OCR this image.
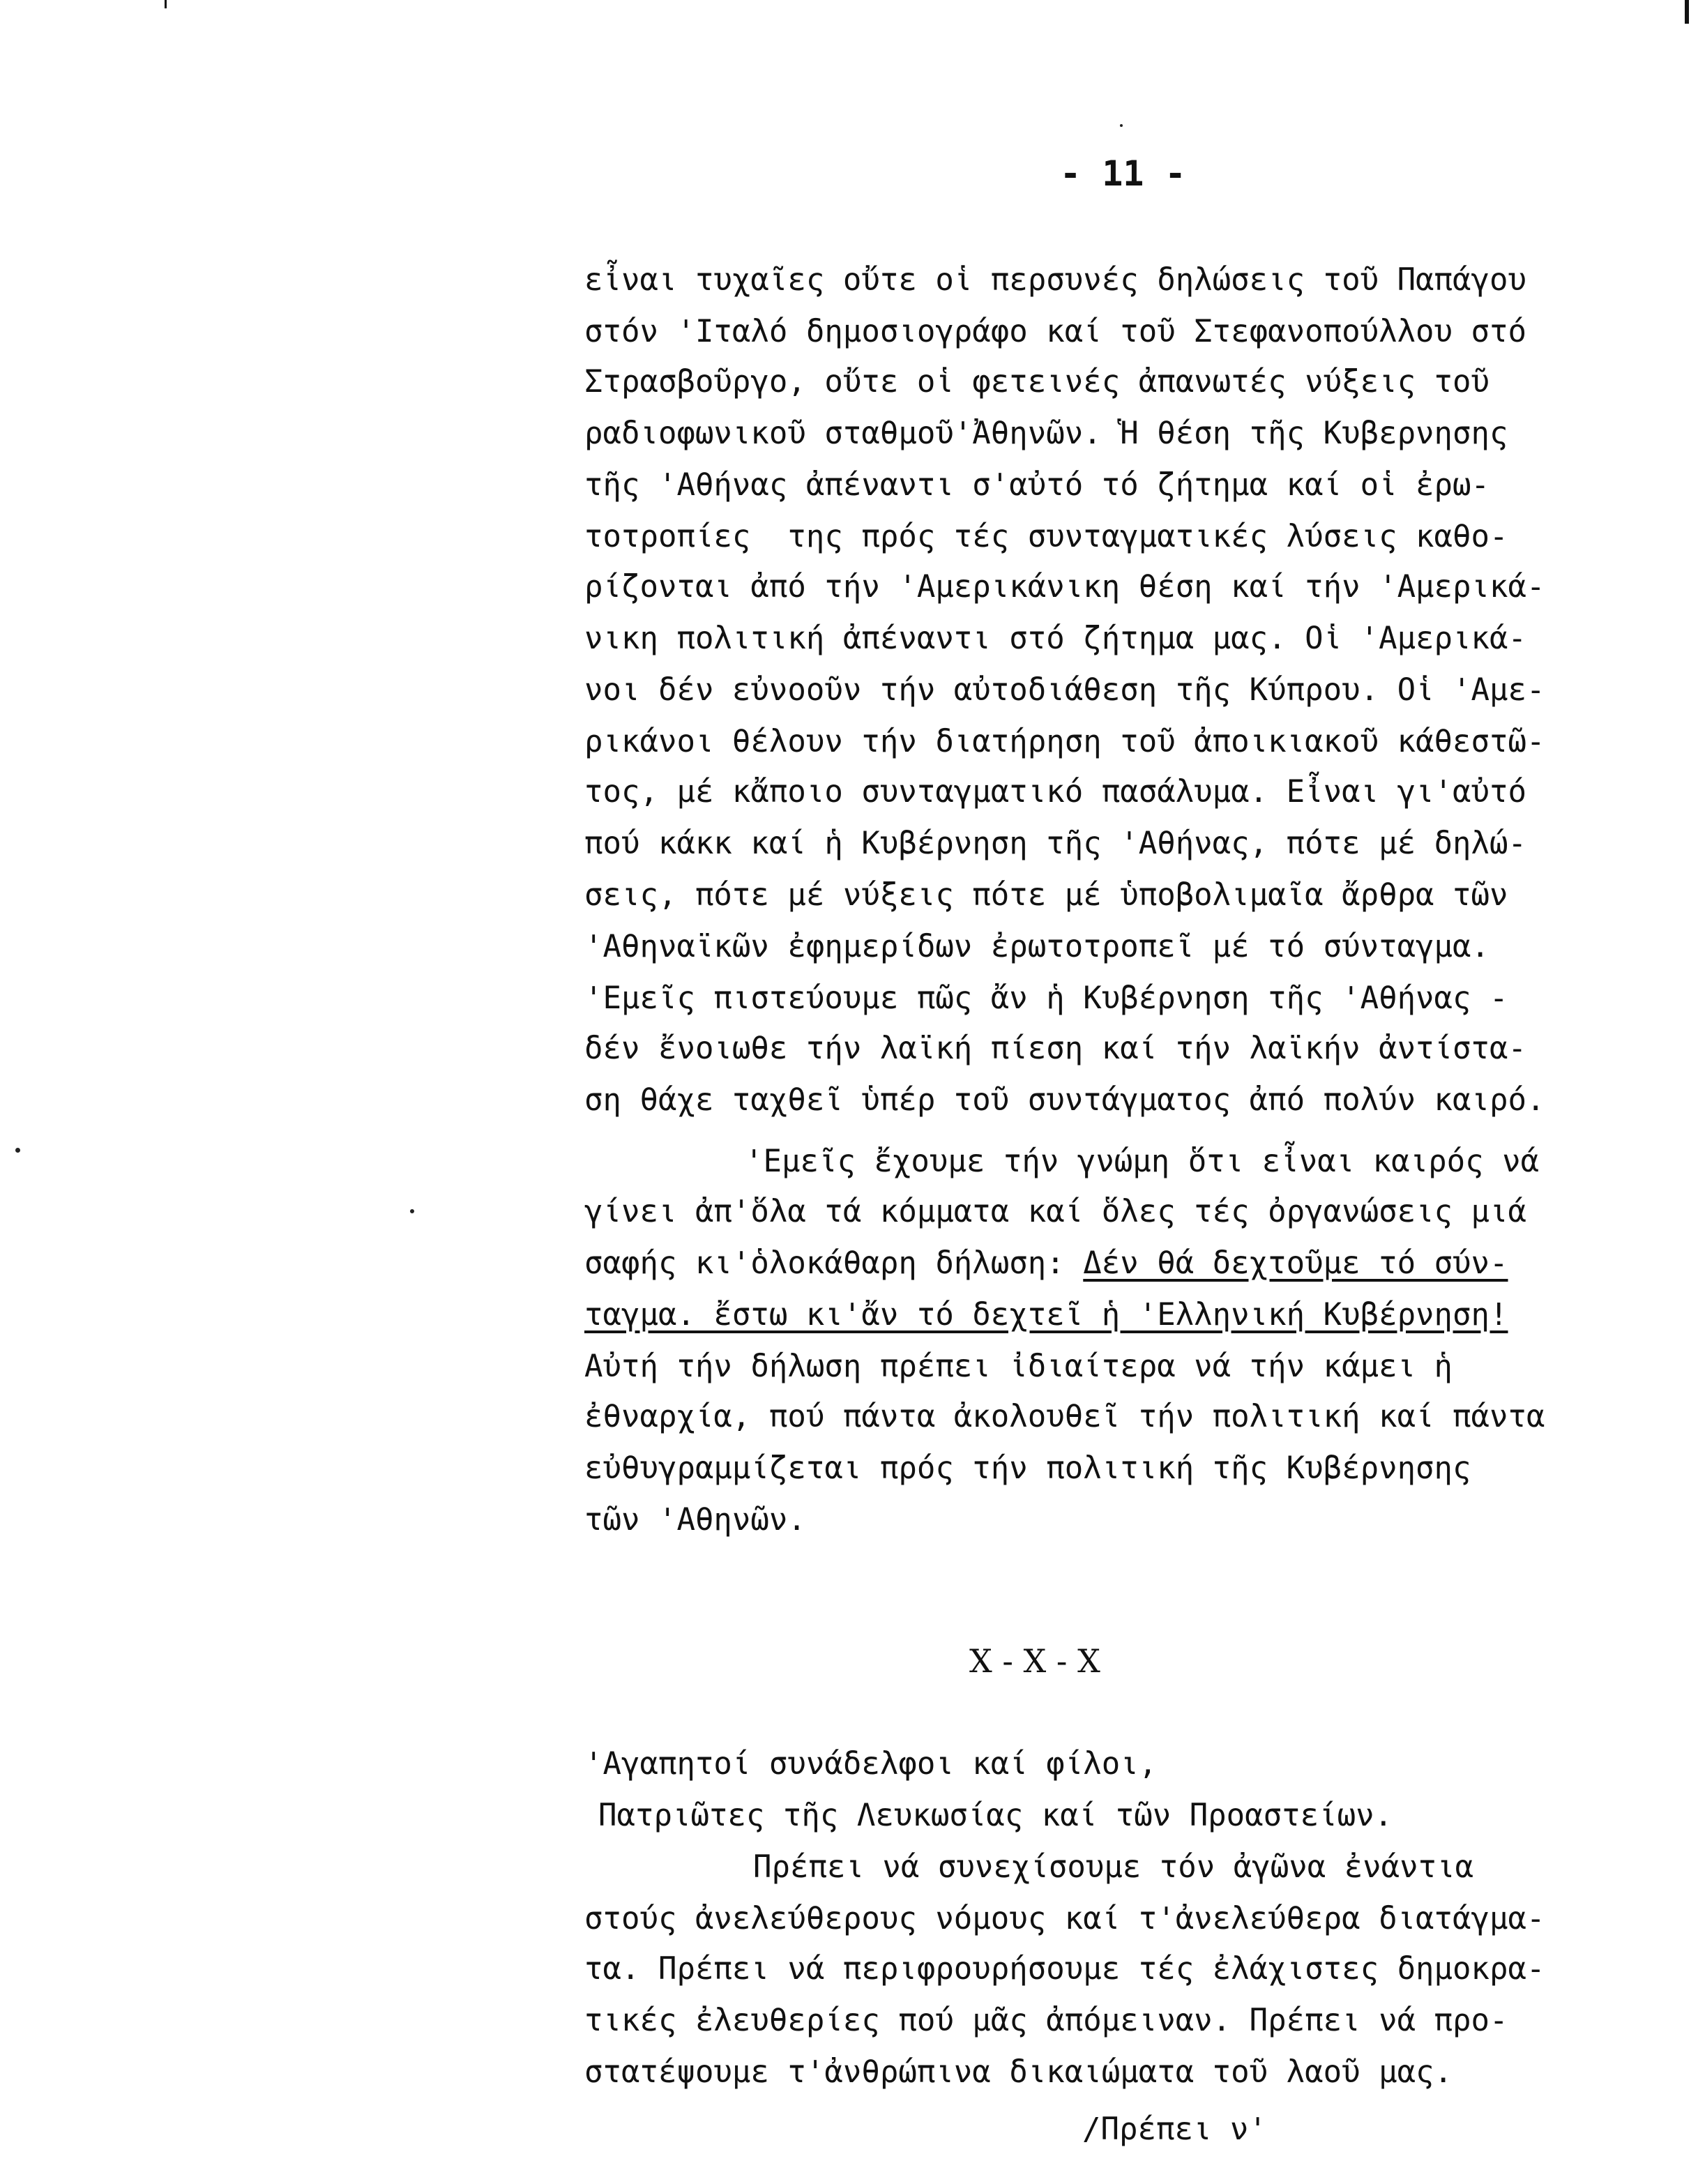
- 11 -
εἶναι τυχαῖες οὔτε οἱ περσυνές δηλώσεις τοῦ Παπάγου
στόν 'Ιταλό δημοσιογράφο καί τοῦ Στεφανοπούλλου στό
Στρασβοῦργο, οὔτε οἱ φετεινές ἀπανωτές νύξεις τοῦ
ραδιοφωνικοῦ σταθμοῦ'Ἀθηνῶν. Ἡ θέση τῆς Κυβερνησης
τῆς 'Αθήνας ἀπέναντι σ'αὐτό τό ζήτημα καί οἱ ἐρω-
τοτροπίες  της πρός τές συνταγματικές λύσεις καθο-
ρίζονται ἀπό τήν 'Αμερικάνικη θέση καί τήν 'Αμερικά-
νικη πολιτική ἀπέναντι στό ζήτημα μας. Οἱ 'Αμερικά-
νοι δέν εὐνοοῦν τήν αὐτοδιάθεση τῆς Κύπρου. Οἱ 'Αμε-
ρικάνοι θέλουν τήν διατήρηση τοῦ ἀποικιακοῦ κάθεστῶ-
τος, μέ κἄποιο συνταγματικό πασάλυμα. Εἶναι γι'αὐτό
πού κάκκ καί ἡ Κυβέρνηση τῆς 'Αθήνας, πότε μέ δηλώ-
σεις, πότε μέ νύξεις πότε μέ ὑποβολιμαῖα ἄρθρα τῶν
'Αθηναϊκῶν ἐφημερίδων ἐρωτοτροπεῖ μέ τό σύνταγμα.
'Εμεῖς πιστεύουμε πῶς ἄν ἡ Κυβέρνηση τῆς 'Αθήνας -
δέν ἔνοιωθε τήν λαϊκή πίεση καί τήν λαϊκήν ἀντίστα-
ση θάχε ταχθεῖ ὑπέρ τοῦ συντάγματος ἀπό πολύν καιρό.
'Εμεῖς ἔχουμε τήν γνώμη ὅτι εἶναι καιρός νά
γίνει ἀπ'ὅλα τά κόμματα καί ὅλες τές ὀργανώσεις μιά
σαφής κι'ὁλοκάθαρη δήλωση: Δέν θά δεχτοῦμε τό σύν-
ταγμα. ἔστω κι'ἄν τό δεχτεῖ ἡ 'Ελληνική Κυβέρνηση!
Αὐτή τήν δήλωση πρέπει ἰδιαίτερα νά τήν κάμει ἡ
ἐθναρχία, πού πάντα ἀκολουθεῖ τήν πολιτική καί πάντα
εὐθυγραμμίζεται πρός τήν πολιτική τῆς Κυβέρνησης
τῶν 'Αθηνῶν.
X - X - X
'Αγαπητοί συνάδελφοι καί φίλοι,
Πατριῶτες τῆς Λευκωσίας καί τῶν Προαστείων.
Πρέπει νά συνεχίσουμε τόν ἀγῶνα ἐνάντια
στούς ἀνελεύθερους νόμους καί τ'ἀνελεύθερα διατάγμα-
τα. Πρέπει νά περιφρουρήσουμε τές ἐλάχιστες δημοκρα-
τικές ἐλευθερίες πού μᾶς ἀπόμειναν. Πρέπει νά προ-
στατέψουμε τ'ἀνθρώπινα δικαιώματα τοῦ λαοῦ μας.
/Πρέπει ν'
